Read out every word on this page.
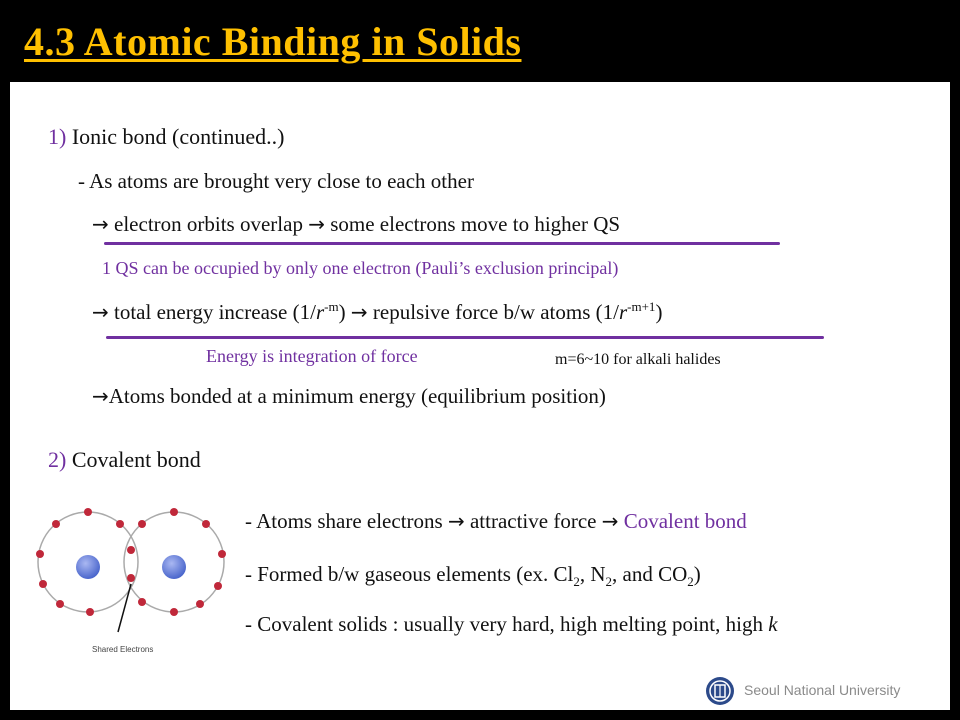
4.3 Atomic Binding in Solids
1) Ionic bond (continued..)
- As atoms are brought very close to each other
→ electron orbits overlap → some electrons move to higher QS
1 QS can be occupied by only one electron (Pauli’s exclusion principal)
→ total energy increase $(1/r^{-m})$ → repulsive force b/w atoms $(1/r^{-m+1})$
Energy is integration of force	m=6~10 for alkali halides
→Atoms bonded at a minimum energy (equilibrium position)
2) Covalent bond
Shared Electrons
- Atoms share electrons → attractive force → Covalent bond
- Formed b/w gaseous elements (ex. $Cl_2$, $N_2$, and $CO_2$)
- Covalent solids : usually very hard, high melting point, high k
Seoul National University
